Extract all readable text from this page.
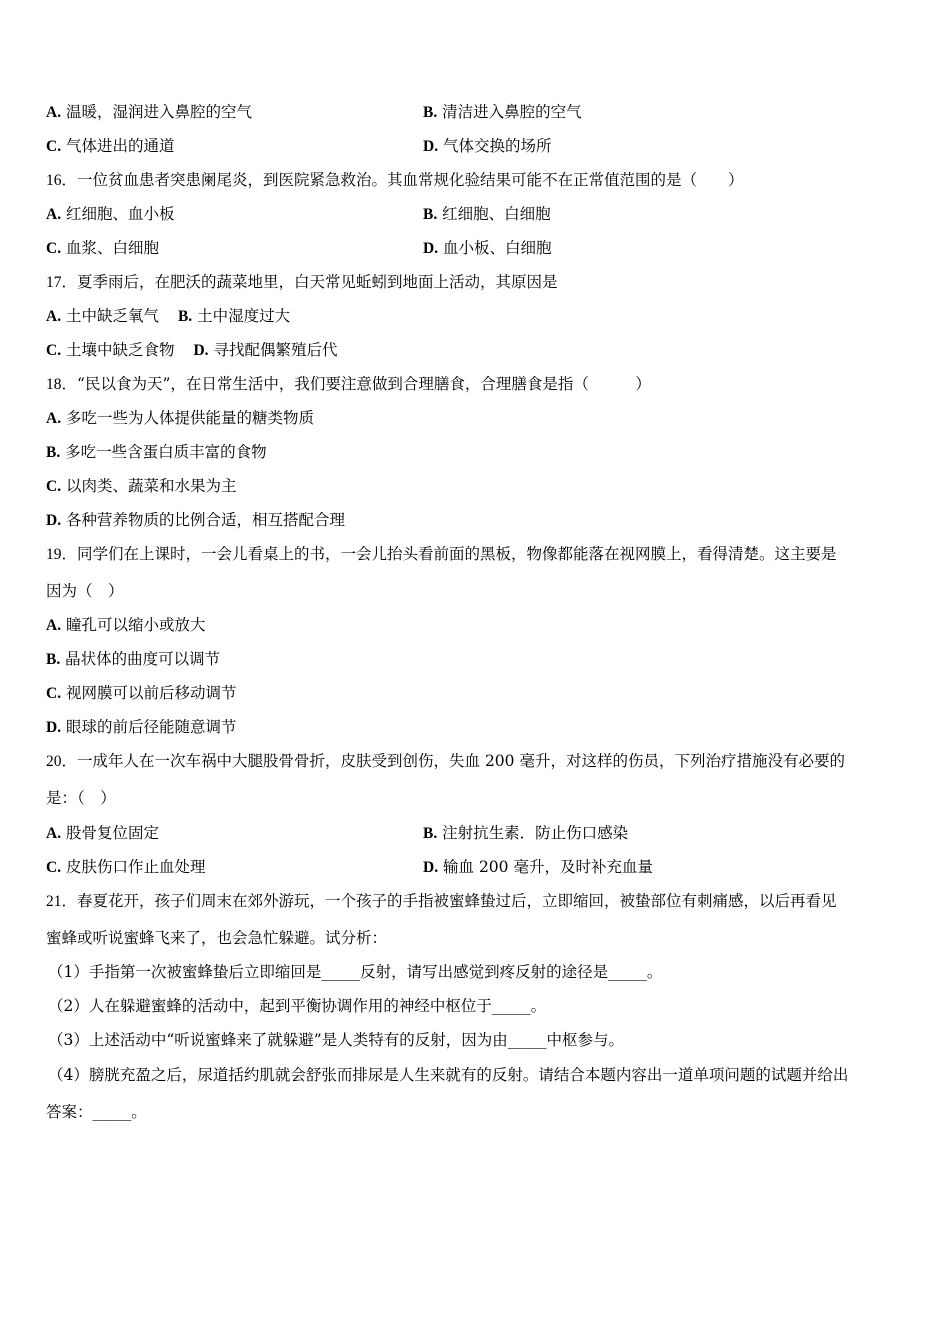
A. 温暖，湿润进入鼻腔的空气	B. 清洁进入鼻腔的空气
C. 气体进出的通道	D. 气体交换的场所
16．一位贫血患者突患阑尾炎，到医院紧急救治。其血常规化验结果可能不在正常值范围的是（　　）
A. 红细胞、血小板	B. 红细胞、白细胞
C. 血浆、白细胞	D. 血小板、白细胞
17．夏季雨后，在肥沃的蔬菜地里，白天常见蚯蚓到地面上活动，其原因是
A. 土中缺乏氧气 B. 土中湿度过大
C. 土壤中缺乏食物 D. 寻找配偶繁殖后代
18．“民以食为天”，在日常生活中，我们要注意做到合理膳食，合理膳食是指（　　　）
A. 多吃一些为人体提供能量的糖类物质
B. 多吃一些含蛋白质丰富的食物
C. 以肉类、蔬菜和水果为主
D. 各种营养物质的比例合适，相互搭配合理
19．同学们在上课时，一会儿看桌上的书，一会儿抬头看前面的黑板，物像都能落在视网膜上，看得清楚。这主要是
因为（　）
A. 瞳孔可以缩小或放大
B. 晶状体的曲度可以调节
C. 视网膜可以前后移动调节
D. 眼球的前后径能随意调节
20．一成年人在一次车祸中大腿股骨骨折，皮肤受到创伤，失血 200 毫升，对这样的伤员，下列治疗措施没有必要的
是：（　）
A. 股骨复位固定	B. 注射抗生素．防止伤口感染
C. 皮肤伤口作止血处理	D. 输血 200 毫升，及时补充血量
21．春夏花开，孩子们周末在郊外游玩，一个孩子的手指被蜜蜂蛰过后，立即缩回，被蛰部位有刺痛感，以后再看见
蜜蜂或听说蜜蜂飞来了，也会急忙躲避。试分析：
（1）手指第一次被蜜蜂蛰后立即缩回是_____反射，请写出感觉到疼反射的途径是_____。
（2）人在躲避蜜蜂的活动中，起到平衡协调作用的神经中枢位于_____。
（3）上述活动中“听说蜜蜂来了就躲避”是人类特有的反射，因为由_____中枢参与。
（4）膀胱充盈之后，尿道括约肌就会舒张而排尿是人生来就有的反射。请结合本题内容出一道单项问题的试题并给出
答案：_____。
